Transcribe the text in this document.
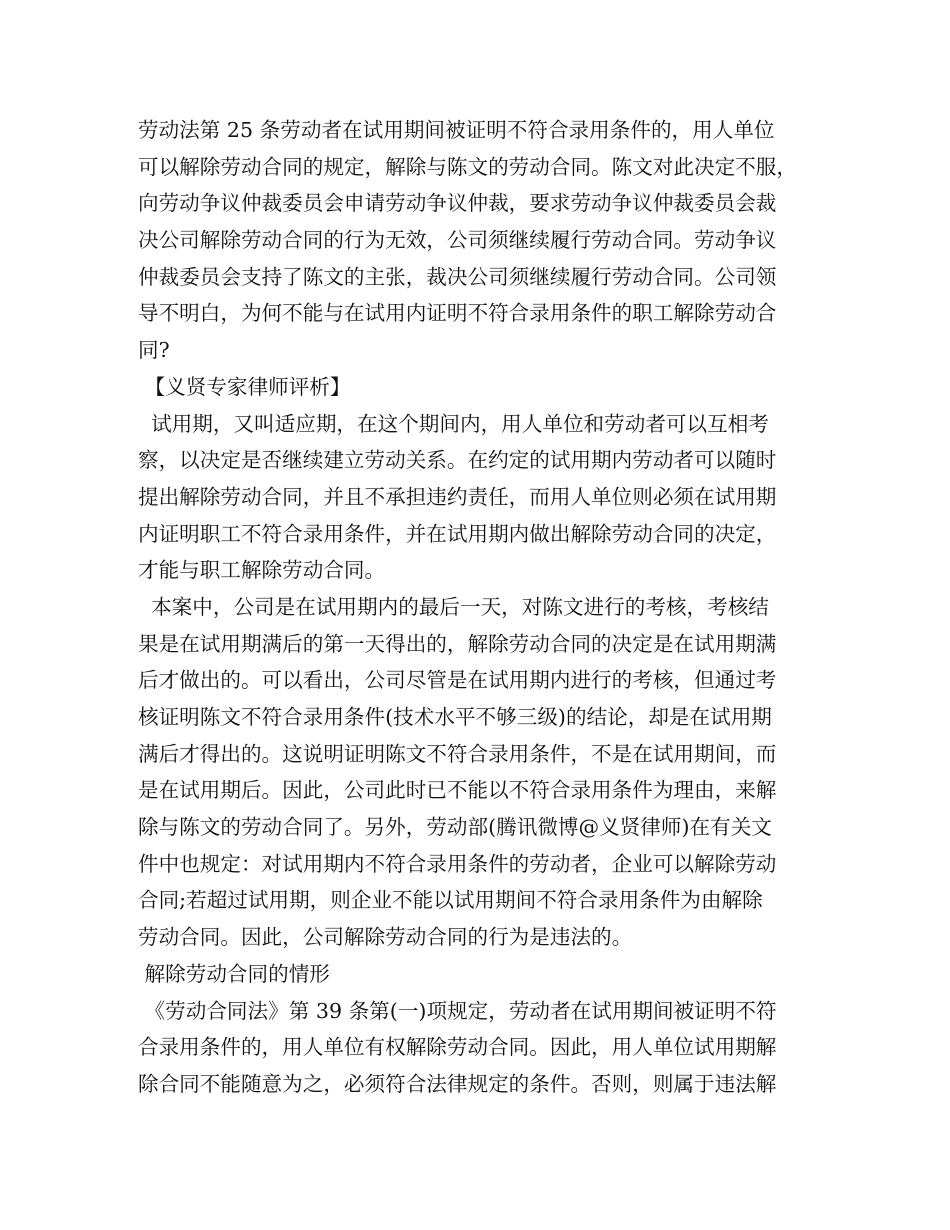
劳动法第 25 条劳动者在试用期间被证明不符合录用条件的，用人单位
可以解除劳动合同的规定，解除与陈文的劳动合同。陈文对此决定不服，
向劳动争议仲裁委员会申请劳动争议仲裁，要求劳动争议仲裁委员会裁
决公司解除劳动合同的行为无效，公司须继续履行劳动合同。劳动争议
仲裁委员会支持了陈文的主张，裁决公司须继续履行劳动合同。公司领
导不明白，为何不能与在试用内证明不符合录用条件的职工解除劳动合
同?
【义贤专家律师评析】
试用期，又叫适应期，在这个期间内，用人单位和劳动者可以互相考
察，以决定是否继续建立劳动关系。在约定的试用期内劳动者可以随时
提出解除劳动合同，并且不承担违约责任，而用人单位则必须在试用期
内证明职工不符合录用条件，并在试用期内做出解除劳动合同的决定，
才能与职工解除劳动合同。
本案中，公司是在试用期内的最后一天，对陈文进行的考核，考核结
果是在试用期满后的第一天得出的，解除劳动合同的决定是在试用期满
后才做出的。可以看出，公司尽管是在试用期内进行的考核，但通过考
核证明陈文不符合录用条件(技术水平不够三级)的结论，却是在试用期
满后才得出的。这说明证明陈文不符合录用条件，不是在试用期间，而
是在试用期后。因此，公司此时已不能以不符合录用条件为理由，来解
除与陈文的劳动合同了。另外，劳动部(腾讯微博@义贤律师)在有关文
件中也规定：对试用期内不符合录用条件的劳动者，企业可以解除劳动
合同;若超过试用期，则企业不能以试用期间不符合录用条件为由解除
劳动合同。因此，公司解除劳动合同的行为是违法的。
解除劳动合同的情形
《劳动合同法》第 39 条第(一)项规定，劳动者在试用期间被证明不符
合录用条件的，用人单位有权解除劳动合同。因此，用人单位试用期解
除合同不能随意为之，必须符合法律规定的条件。否则，则属于违法解
